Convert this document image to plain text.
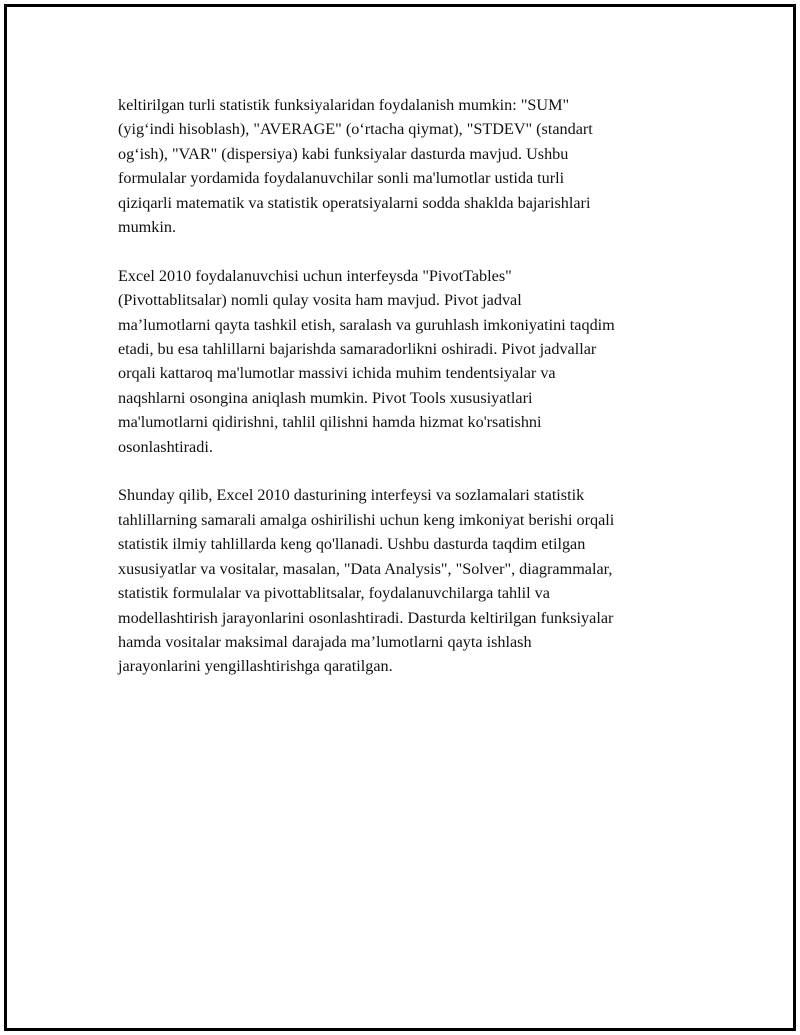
keltirilgan turli statistik funksiyalaridan foydalanish mumkin: "SUM"
(yig‘indi hisoblash), "AVERAGE" (o‘rtacha qiymat), "STDEV" (standart
og‘ish), "VAR" (dispersiya) kabi funksiyalar dasturda mavjud. Ushbu
formulalar yordamida foydalanuvchilar sonli ma'lumotlar ustida turli
qiziqarli matematik va statistik operatsiyalarni sodda shaklda bajarishlari
mumkin.

Excel 2010 foydalanuvchisi uchun interfeysda "PivotTables"
(Pivottablitsalar) nomli qulay vosita ham mavjud. Pivot jadval
ma’lumotlarni qayta tashkil etish, saralash va guruhlash imkoniyatini taqdim
etadi, bu esa tahlillarni bajarishda samaradorlikni oshiradi. Pivot jadvallar
orqali kattaroq ma'lumotlar massivi ichida muhim tendentsiyalar va
naqshlarni osongina aniqlash mumkin. Pivot Tools xususiyatlari
ma'lumotlarni qidirishni, tahlil qilishni hamda hizmat ko'rsatishni
osonlashtiradi.

Shunday qilib, Excel 2010 dasturining interfeysi va sozlamalari statistik
tahlillarning samarali amalga oshirilishi uchun keng imkoniyat berishi orqali
statistik ilmiy tahlillarda keng qo'llanadi. Ushbu dasturda taqdim etilgan
xususiyatlar va vositalar, masalan, "Data Analysis", "Solver", diagrammalar,
statistik formulalar va pivottablitsalar, foydalanuvchilarga tahlil va
modellashtirish jarayonlarini osonlashtiradi. Dasturda keltirilgan funksiyalar
hamda vositalar maksimal darajada ma’lumotlarni qayta ishlash
jarayonlarini yengillashtirishga qaratilgan.
